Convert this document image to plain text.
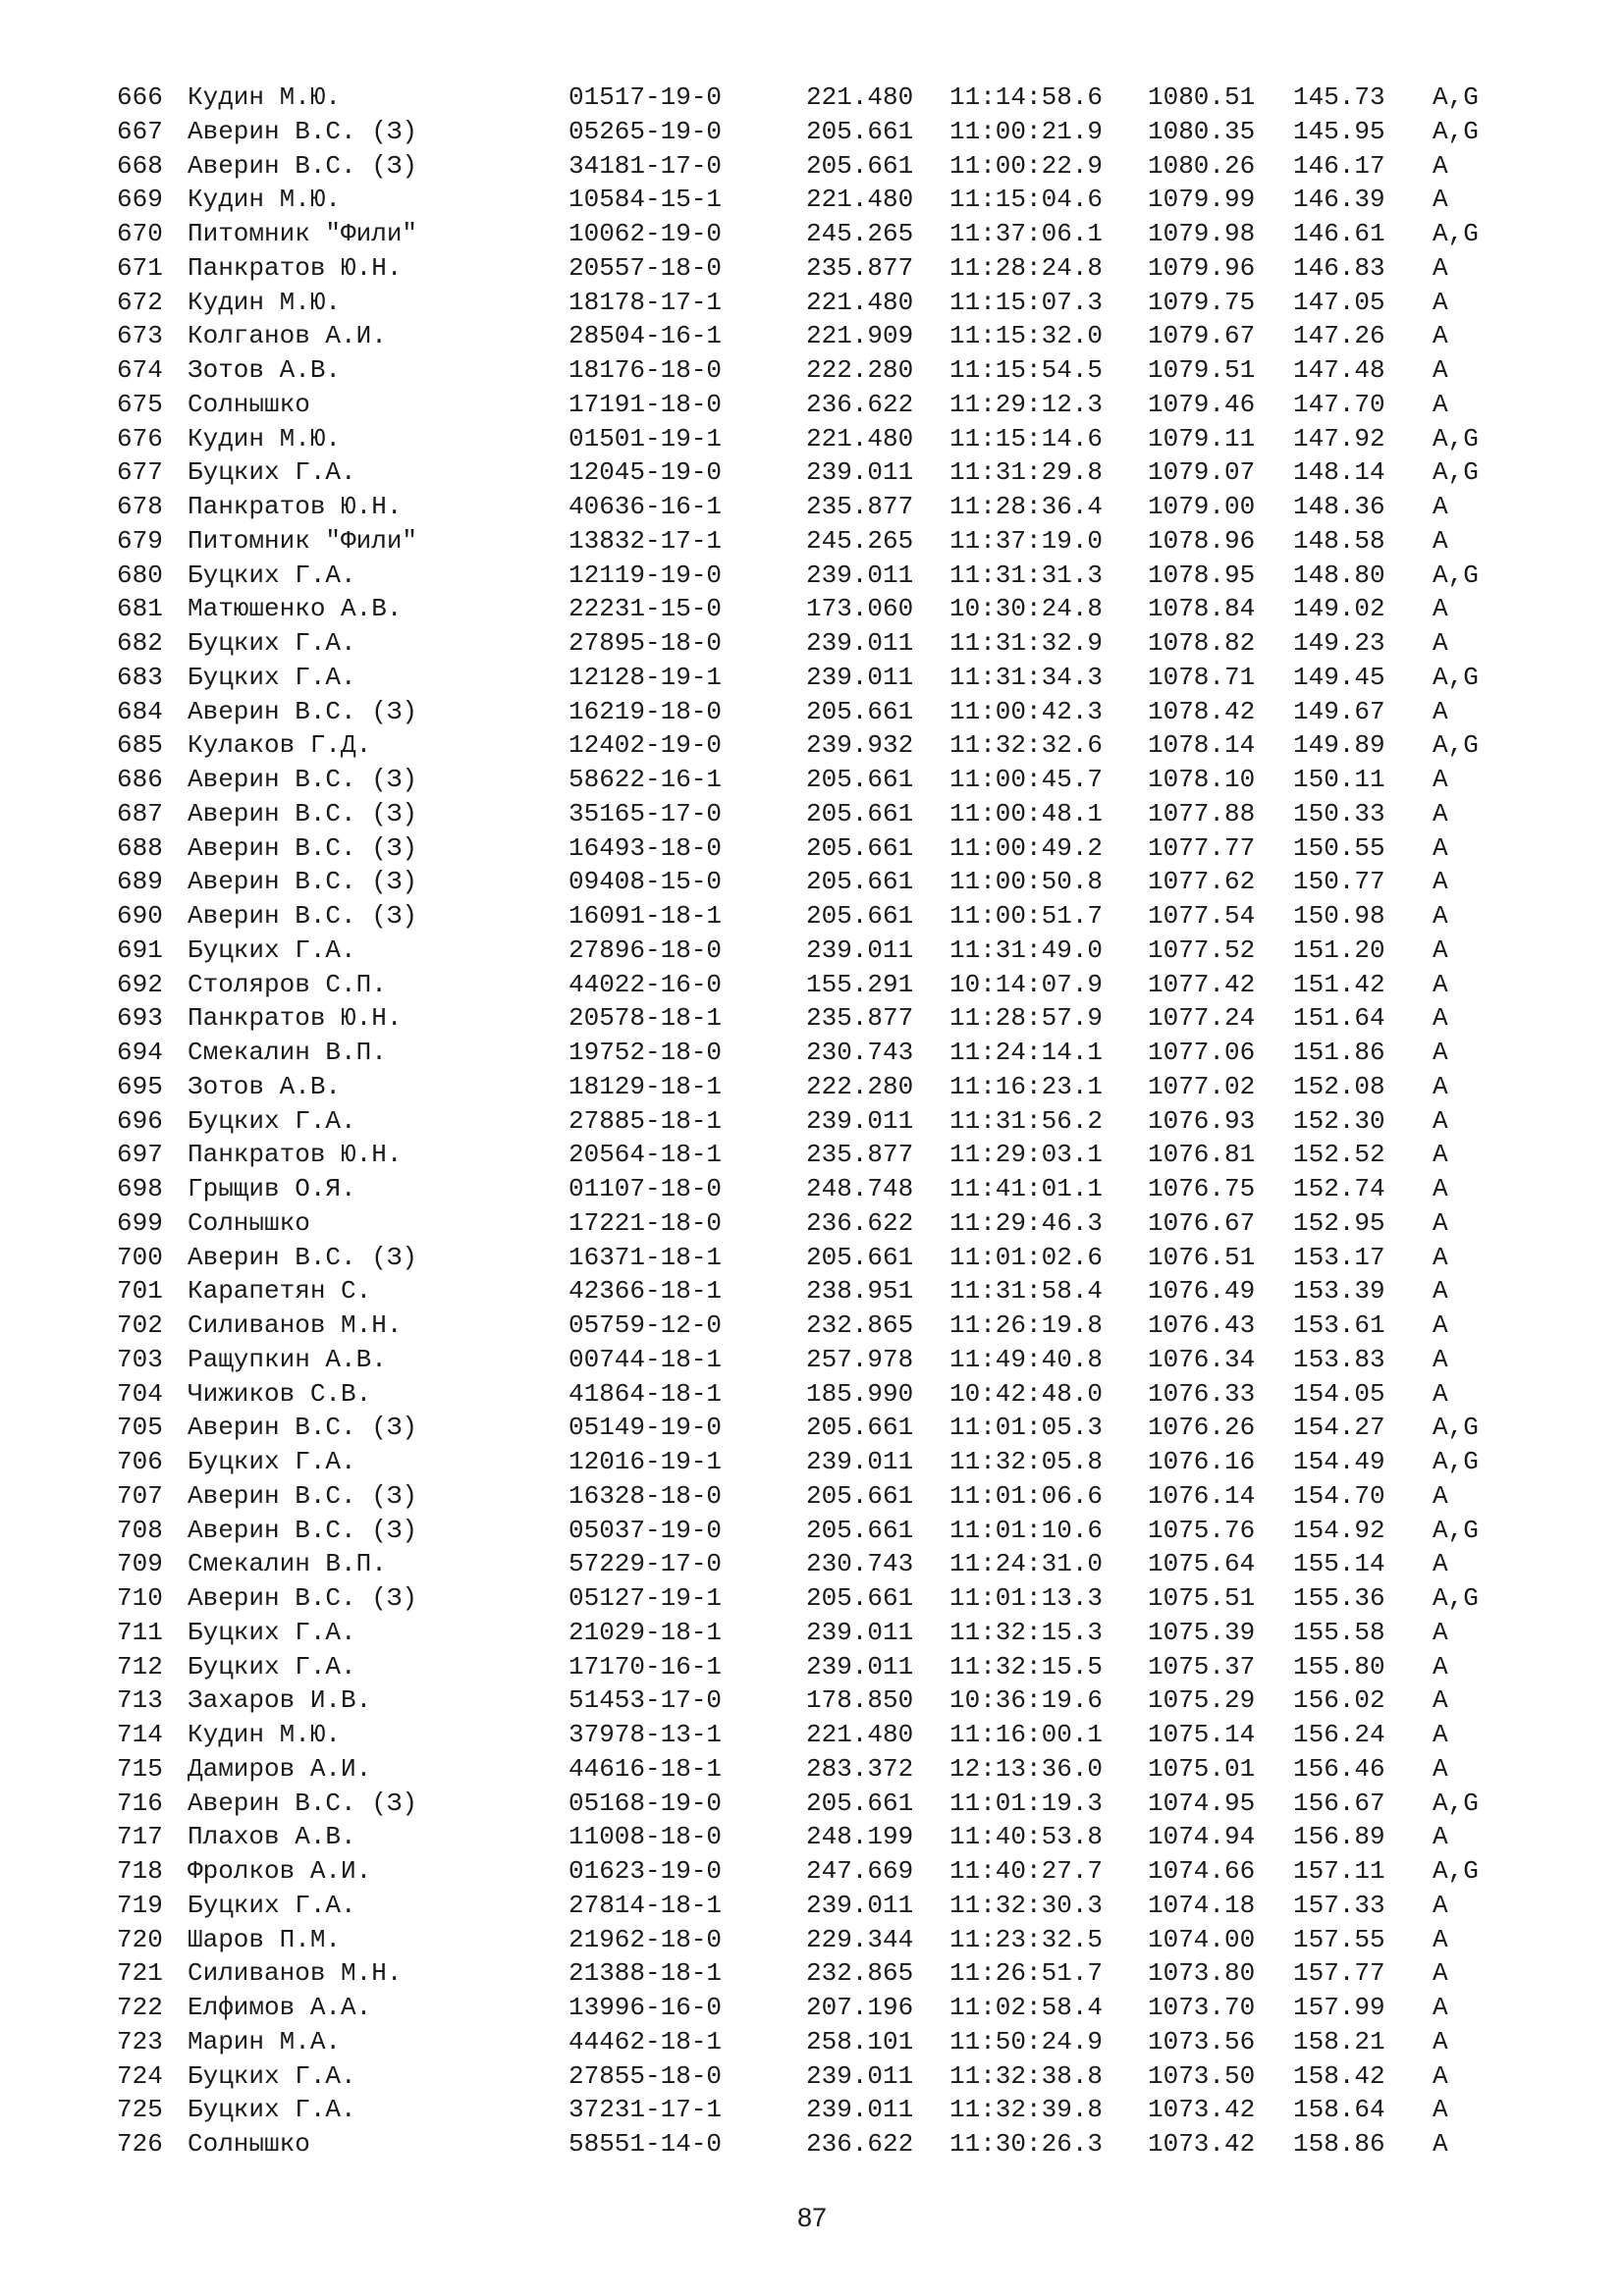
666 Кудин М.Ю.	01517-19-0	221.480	11:14:58.6	1080.51	145.73	A,G
667 Аверин В.С. (З)	05265-19-0	205.661	11:00:21.9	1080.35	145.95	A,G
668 Аверин В.С. (З)	34181-17-0	205.661	11:00:22.9	1080.26	146.17	A
669 Кудин М.Ю.	10584-15-1	221.480	11:15:04.6	1079.99	146.39	A
670 Питомник "Фили"	10062-19-0	245.265	11:37:06.1	1079.98	146.61	A,G
671 Панкратов Ю.Н.	20557-18-0	235.877	11:28:24.8	1079.96	146.83	A
672 Кудин М.Ю.	18178-17-1	221.480	11:15:07.3	1079.75	147.05	A
673 Колганов А.И.	28504-16-1	221.909	11:15:32.0	1079.67	147.26	A
674 Зотов А.В.	18176-18-0	222.280	11:15:54.5	1079.51	147.48	A
675 Солнышко	17191-18-0	236.622	11:29:12.3	1079.46	147.70	A
676 Кудин М.Ю.	01501-19-1	221.480	11:15:14.6	1079.11	147.92	A,G
677 Буцких Г.А.	12045-19-0	239.011	11:31:29.8	1079.07	148.14	A,G
678 Панкратов Ю.Н.	40636-16-1	235.877	11:28:36.4	1079.00	148.36	A
679 Питомник "Фили"	13832-17-1	245.265	11:37:19.0	1078.96	148.58	A
680 Буцких Г.А.	12119-19-0	239.011	11:31:31.3	1078.95	148.80	A,G
681 Матюшенко А.В.	22231-15-0	173.060	10:30:24.8	1078.84	149.02	A
682 Буцких Г.А.	27895-18-0	239.011	11:31:32.9	1078.82	149.23	A
683 Буцких Г.А.	12128-19-1	239.011	11:31:34.3	1078.71	149.45	A,G
684 Аверин В.С. (З)	16219-18-0	205.661	11:00:42.3	1078.42	149.67	A
685 Кулаков Г.Д.	12402-19-0	239.932	11:32:32.6	1078.14	149.89	A,G
686 Аверин В.С. (З)	58622-16-1	205.661	11:00:45.7	1078.10	150.11	A
687 Аверин В.С. (З)	35165-17-0	205.661	11:00:48.1	1077.88	150.33	A
688 Аверин В.С. (З)	16493-18-0	205.661	11:00:49.2	1077.77	150.55	A
689 Аверин В.С. (З)	09408-15-0	205.661	11:00:50.8	1077.62	150.77	A
690 Аверин В.С. (З)	16091-18-1	205.661	11:00:51.7	1077.54	150.98	A
691 Буцких Г.А.	27896-18-0	239.011	11:31:49.0	1077.52	151.20	A
692 Столяров С.П.	44022-16-0	155.291	10:14:07.9	1077.42	151.42	A
693 Панкратов Ю.Н.	20578-18-1	235.877	11:28:57.9	1077.24	151.64	A
694 Смекалин В.П.	19752-18-0	230.743	11:24:14.1	1077.06	151.86	A
695 Зотов А.В.	18129-18-1	222.280	11:16:23.1	1077.02	152.08	A
696 Буцких Г.А.	27885-18-1	239.011	11:31:56.2	1076.93	152.30	A
697 Панкратов Ю.Н.	20564-18-1	235.877	11:29:03.1	1076.81	152.52	A
698 Грыщив О.Я.	01107-18-0	248.748	11:41:01.1	1076.75	152.74	A
699 Солнышко	17221-18-0	236.622	11:29:46.3	1076.67	152.95	A
700 Аверин В.С. (З)	16371-18-1	205.661	11:01:02.6	1076.51	153.17	A
701 Карапетян С.	42366-18-1	238.951	11:31:58.4	1076.49	153.39	A
702 Силиванов М.Н.	05759-12-0	232.865	11:26:19.8	1076.43	153.61	A
703 Ращупкин А.В.	00744-18-1	257.978	11:49:40.8	1076.34	153.83	A
704 Чижиков С.В.	41864-18-1	185.990	10:42:48.0	1076.33	154.05	A
705 Аверин В.С. (З)	05149-19-0	205.661	11:01:05.3	1076.26	154.27	A,G
706 Буцких Г.А.	12016-19-1	239.011	11:32:05.8	1076.16	154.49	A,G
707 Аверин В.С. (З)	16328-18-0	205.661	11:01:06.6	1076.14	154.70	A
708 Аверин В.С. (З)	05037-19-0	205.661	11:01:10.6	1075.76	154.92	A,G
709 Смекалин В.П.	57229-17-0	230.743	11:24:31.0	1075.64	155.14	A
710 Аверин В.С. (З)	05127-19-1	205.661	11:01:13.3	1075.51	155.36	A,G
711 Буцких Г.А.	21029-18-1	239.011	11:32:15.3	1075.39	155.58	A
712 Буцких Г.А.	17170-16-1	239.011	11:32:15.5	1075.37	155.80	A
713 Захаров И.В.	51453-17-0	178.850	10:36:19.6	1075.29	156.02	A
714 Кудин М.Ю.	37978-13-1	221.480	11:16:00.1	1075.14	156.24	A
715 Дамиров А.И.	44616-18-1	283.372	12:13:36.0	1075.01	156.46	A
716 Аверин В.С. (З)	05168-19-0	205.661	11:01:19.3	1074.95	156.67	A,G
717 Плахов А.В.	11008-18-0	248.199	11:40:53.8	1074.94	156.89	A
718 Фролков А.И.	01623-19-0	247.669	11:40:27.7	1074.66	157.11	A,G
719 Буцких Г.А.	27814-18-1	239.011	11:32:30.3	1074.18	157.33	A
720 Шаров П.М.	21962-18-0	229.344	11:23:32.5	1074.00	157.55	A
721 Силиванов М.Н.	21388-18-1	232.865	11:26:51.7	1073.80	157.77	A
722 Елфимов А.А.	13996-16-0	207.196	11:02:58.4	1073.70	157.99	A
723 Марин М.А.	44462-18-1	258.101	11:50:24.9	1073.56	158.21	A
724 Буцких Г.А.	27855-18-0	239.011	11:32:38.8	1073.50	158.42	A
725 Буцких Г.А.	37231-17-1	239.011	11:32:39.8	1073.42	158.64	A
726 Солнышко	58551-14-0	236.622	11:30:26.3	1073.42	158.86	A
87
